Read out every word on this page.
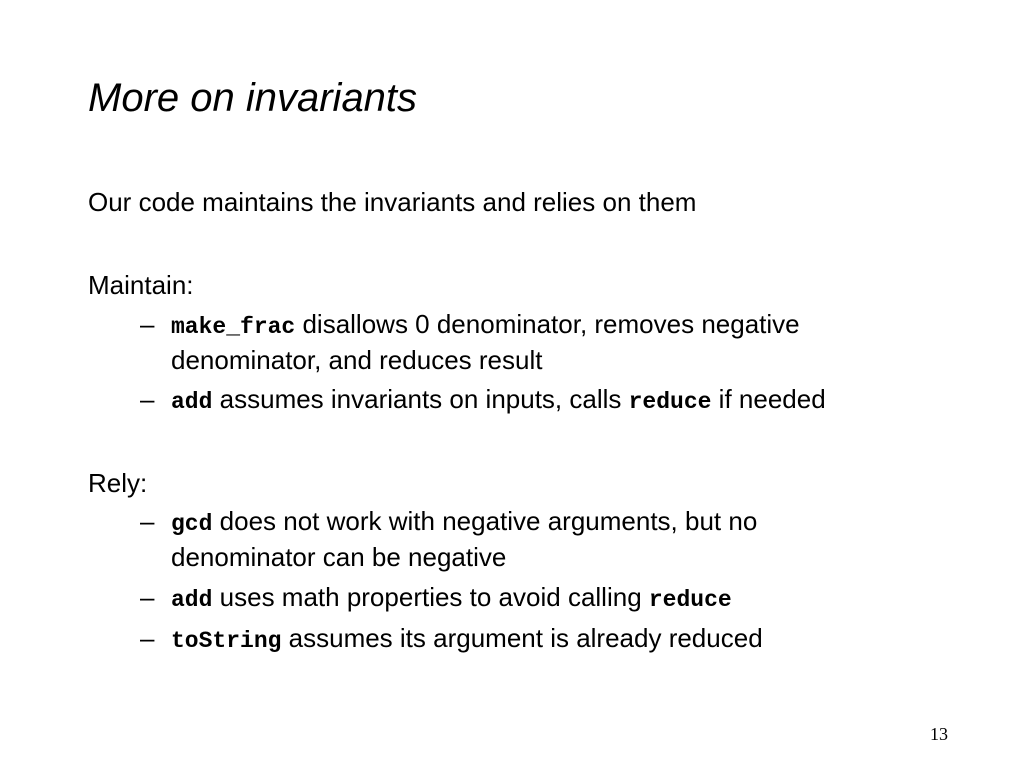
More on invariants

Our code maintains the invariants and relies on them

Maintain:

– make_frac disallows 0 denominator, removes negative denominator, and reduces result
– add assumes invariants on inputs, calls reduce if needed

Rely:

– gcd does not work with negative arguments, but no denominator can be negative
– add uses math properties to avoid calling reduce
– toString assumes its argument is already reduced
13
